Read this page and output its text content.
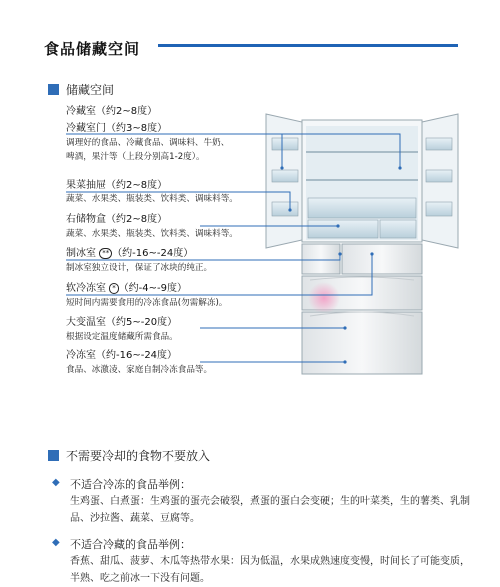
食品储藏空间
储藏空间
冷藏室（约2~8度）
冷藏室门（约3~8度）
调理好的食品、冷藏食品、调味料、牛奶、
啤酒，果汁等（上段分别高1-2度）。
果菜抽屉（约2~8度）
蔬菜、水果类、瓶装类、饮料类、调味料等。
右储物盒（约2~8度）
蔬菜、水果类、瓶装类、饮料类、调味料等。
制冰室 ** （约-16~-24度）
制冰室独立设计，保证了冰块的纯正。
软冷冻室 * （约-4~-9度）
短时间内需要食用的冷冻食品(勿需解冻)。
大变温室（约5~-20度）
根据设定温度储藏所需食品。
冷冻室（约-16~-24度）
食品、冰激凌、家庭自制冷冻食品等。
不需要冷却的食物不要放入
◆ 不适合冷冻的食品举例：
生鸡蛋、白煮蛋：生鸡蛋的蛋壳会破裂，煮蛋的蛋白会变硬；生的叶菜类，生的薯类、乳制品、沙拉酱、蔬菜、豆腐等。
◆ 不适合冷藏的食品举例：
香蕉、甜瓜、菠萝、木瓜等热带水果：因为低温，水果成熟速度变慢，时间长了可能变质，半熟、吃之前冰一下没有问题。
